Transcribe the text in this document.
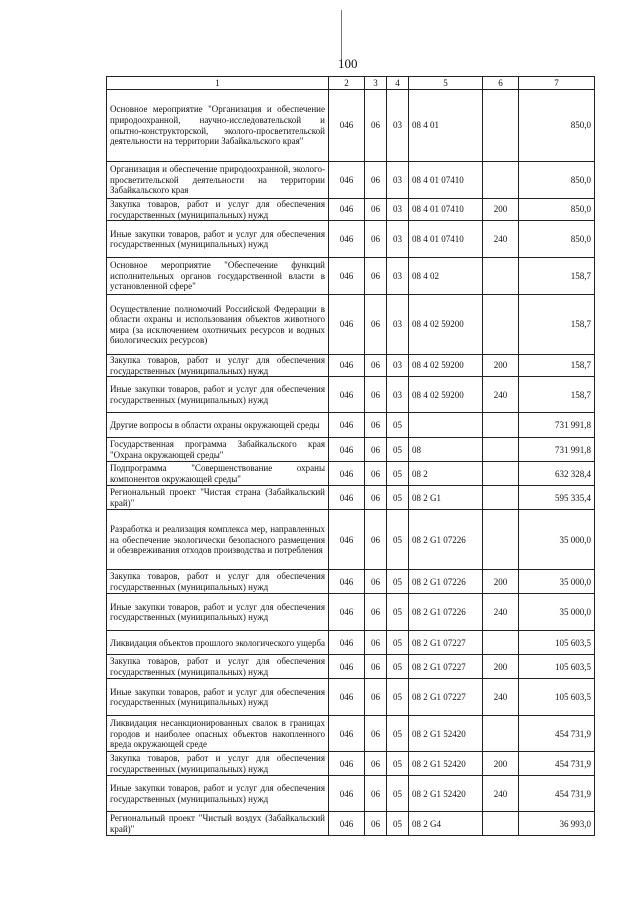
100
1	2	3	4	5	6	7
Основное мероприятие "Организация и обеспечение природоохранной, научно-исследовательской и опытно-конструкторской, эколого-просветительской деятельности на территории Забайкальского края"	046	06	03	08 4 01		850,0
Организация и обеспечение природоохранной, эколого-просветительской деятельности на территории Забайкальского края	046	06	03	08 4 01 07410		850,0
Закупка товаров, работ и услуг для обеспечения государственных (муниципальных) нужд	046	06	03	08 4 01 07410	200	850,0
Иные закупки товаров, работ и услуг для обеспечения государственных (муниципальных) нужд	046	06	03	08 4 01 07410	240	850,0
Основное мероприятие "Обеспечение функций исполнительных органов государственной власти в установленной сфере"	046	06	03	08 4 02		158,7
Осуществление полномочий Российской Федерации в области охраны и использования объектов животного мира (за исключением охотничьих ресурсов и водных биологических ресурсов)	046	06	03	08 4 02 59200		158,7
Закупка товаров, работ и услуг для обеспечения государственных (муниципальных) нужд	046	06	03	08 4 02 59200	200	158,7
Иные закупки товаров, работ и услуг для обеспечения государственных (муниципальных) нужд	046	06	03	08 4 02 59200	240	158,7
Другие вопросы в области охраны окружающей среды	046	06	05			731 991,8
Государственная программа Забайкальского края "Охрана окружающей среды"	046	06	05	08		731 991,8
Подпрограмма "Совершенствование охраны компонентов окружающей среды"	046	06	05	08 2		632 328,4
Региональный проект "Чистая страна (Забайкальский край)"	046	06	05	08 2 G1		595 335,4
Разработка и реализация комплекса мер, направленных на обеспечение экологически безопасного размещения и обезвреживания отходов производства и потребления	046	06	05	08 2 G1 07226		35 000,0
Закупка товаров, работ и услуг для обеспечения государственных (муниципальных) нужд	046	06	05	08 2 G1 07226	200	35 000,0
Иные закупки товаров, работ и услуг для обеспечения государственных (муниципальных) нужд	046	06	05	08 2 G1 07226	240	35 000,0
Ликвидация объектов прошлого экологического ущерба	046	06	05	08 2 G1 07227		105 603,5
Закупка товаров, работ и услуг для обеспечения государственных (муниципальных) нужд	046	06	05	08 2 G1 07227	200	105 603,5
Иные закупки товаров, работ и услуг для обеспечения государственных (муниципальных) нужд	046	06	05	08 2 G1 07227	240	105 603,5
Ликвидация несанкционированных свалок в границах городов и наиболее опасных объектов накопленного вреда окружающей среде	046	06	05	08 2 G1 52420		454 731,9
Закупка товаров, работ и услуг для обеспечения государственных (муниципальных) нужд	046	06	05	08 2 G1 52420	200	454 731,9
Иные закупки товаров, работ и услуг для обеспечения государственных (муниципальных) нужд	046	06	05	08 2 G1 52420	240	454 731,9
Региональный проект "Чистый воздух (Забайкальский край)"	046	06	05	08 2 G4		36 993,0
